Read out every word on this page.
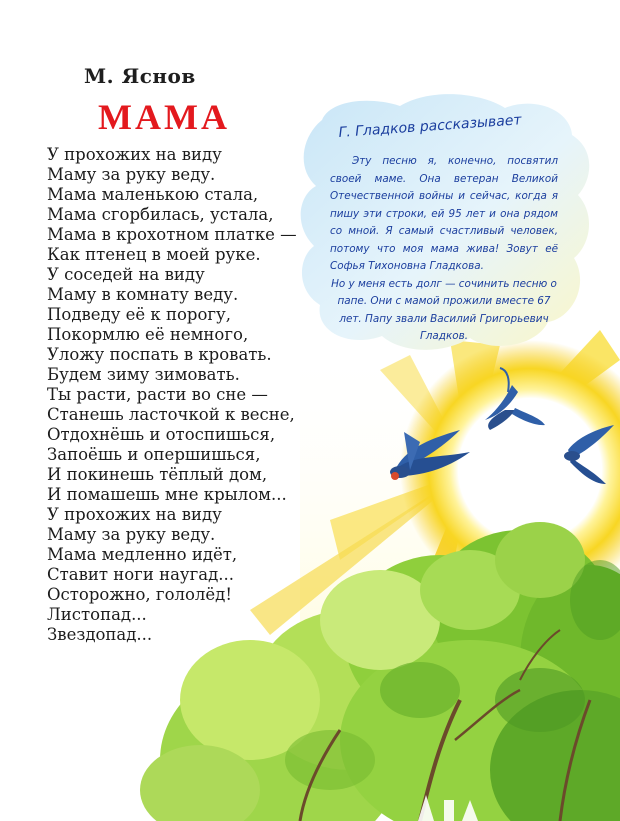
М. Яснов
МАМА
У прохожих на виду
Маму за руку веду.
Мама маленькою стала,
Мама сгорбилась, устала,
Мама в крохотном платке —
Как птенец в моей руке.
У соседей на виду
Маму в комнату веду.
Подведу её к порогу,
Покормлю её немного,
Уложу поспать в кровать.
Будем зиму зимовать.
Ты расти, расти во сне —
Станешь ласточкой к весне,
Отдохнёшь и отоспишься,
Запоёшь и опершишься,
И покинешь тёплый дом,
И помашешь мне крылом...
У прохожих на виду
Маму за руку веду.
Мама медленно идёт,
Ставит ноги наугад...
Осторожно, гололёд!
Листопад...
Звездопад...
Г. Гладков рассказывает

Эту песню я, конечно, посвятил своей маме. Она ветеран Великой Отечественной войны и сейчас, когда я пишу эти строки, ей 95 лет и она рядом со мной. Я самый счастливый человек, потому что моя мама жива! Зовут её Софья Тихоновна Гладкова.

Но у меня есть долг — сочинить песню о папе. Они с мамой прожили вместе 67 лет. Папу звали Василий Григорьевич Гладков.
